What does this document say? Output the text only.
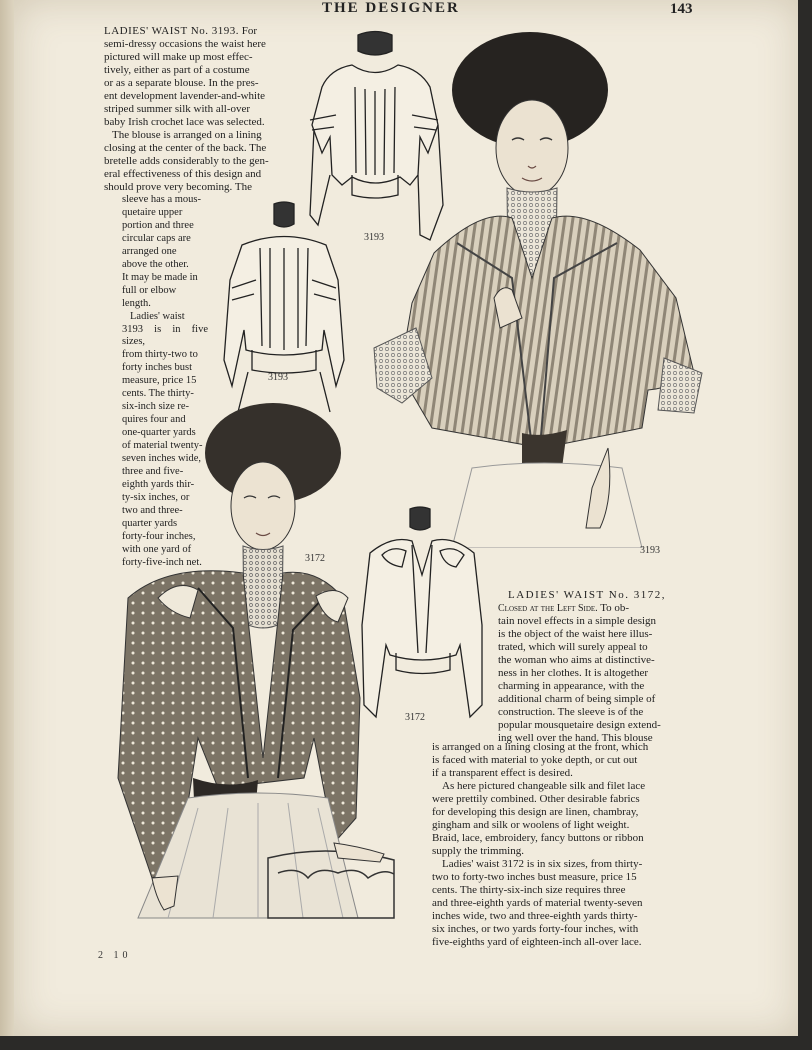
THE DESIGNER	143
LADIES' WAIST No. 3193. For
semi-dressy occasions the waist here
pictured will make up most effec-
tively, either as part of a costume
or as a separate blouse. In the pres-
ent development lavender-and-white
striped summer silk with all-over
baby Irish crochet lace was selected.
The blouse is arranged on a lining
closing at the center of the back. The
bretelle adds considerably to the gen-
eral effectiveness of this design and
should prove very becoming. The
sleeve has a mous-
quetaire upper
portion and three
circular caps are
arranged one
above the other.
It may be made in
full or elbow
length.
Ladies' waist
3193 is in five sizes,
from thirty-two to
forty inches bust
measure, price 15
cents. The thirty-
six-inch size re-
quires four and
one-quarter yards
of material twenty-
seven inches wide,
three and five-
eighth yards thir-
ty-six inches, or
two and three-
quarter yards
forty-four inches,
with one yard of
forty-five-inch net.
3193
3193
3193
3172
3172
LADIES' WAIST No. 3172,
Closed at the Left Side. To ob-
tain novel effects in a simple design
is the object of the waist here illus-
trated, which will surely appeal to
the woman who aims at distinctive-
ness in her clothes. It is altogether
charming in appearance, with the
additional charm of being simple of
construction. The sleeve is of the
popular mousquetaire design extend-
ing well over the hand. This blouse
is arranged on a lining closing at the front, which
is faced with material to yoke depth, or cut out
if a transparent effect is desired.
As here pictured changeable silk and filet lace
were prettily combined. Other desirable fabrics
for developing this design are linen, chambray,
gingham and silk or woolens of light weight.
Braid, lace, embroidery, fancy buttons or ribbon
supply the trimming.
Ladies' waist 3172 is in six sizes, from thirty-
two to forty-two inches bust measure, price 15
cents. The thirty-six-inch size requires three
and three-eighth yards of material twenty-seven
inches wide, two and three-eighth yards thirty-
six inches, or two yards forty-four inches, with
five-eighths yard of eighteen-inch all-over lace.
2 10
